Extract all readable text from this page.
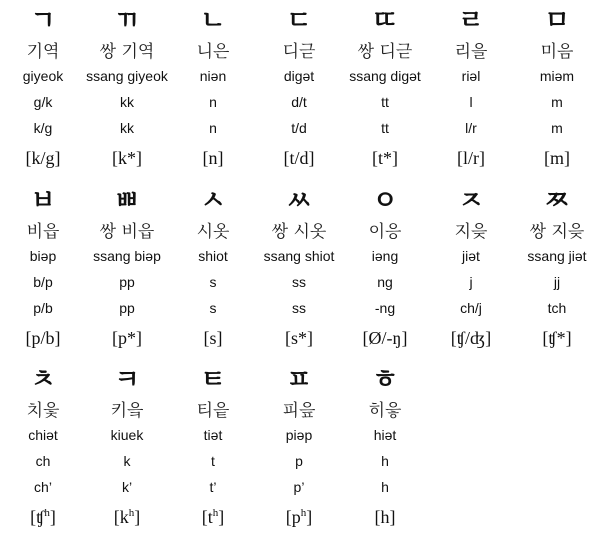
ㄱ
기역
giyeok
g/k
k/g
[k/g]
ㄲ
쌍 기역
ssang giyeok
kk
kk
[k*]
ㄴ
니은
niən
n
n
[n]
ㄷ
디귿
digət
d/t
t/d
[t/d]
ㄸ
쌍 디귿
ssang digət
tt
tt
[t*]
ㄹ
리을
riəl
l
l/r
[l/r]
ㅁ
미음
miəm
m
m
[m]
ㅂ
비읍
biəp
b/p
p/b
[p/b]
ㅃ
쌍 비읍
ssang biəp
pp
pp
[p*]
ㅅ
시옷
shiot
s
s
[s]
ㅆ
쌍 시옷
ssang shiot
ss
ss
[s*]
ㅇ
이응
iəng
ng
-ng
[Ø/-ŋ]
ㅈ
지읒
jiət
j
ch/j
[ʧ/ʤ]
ㅉ
쌍 지읒
ssang jiət
jj
tch
[ʧ*]
ㅊ
치읓
chiət
ch
ch’
[ʧ$^h$]
ㅋ
키읔
kiuek
k
k’
$[k^h]$
ㅌ
티읕
tiət
t
t’
$[t^h]$
ㅍ
피읖
piəp
p
p’
$[p^h]$
ㅎ
히읗
hiət
h
h
[h]
